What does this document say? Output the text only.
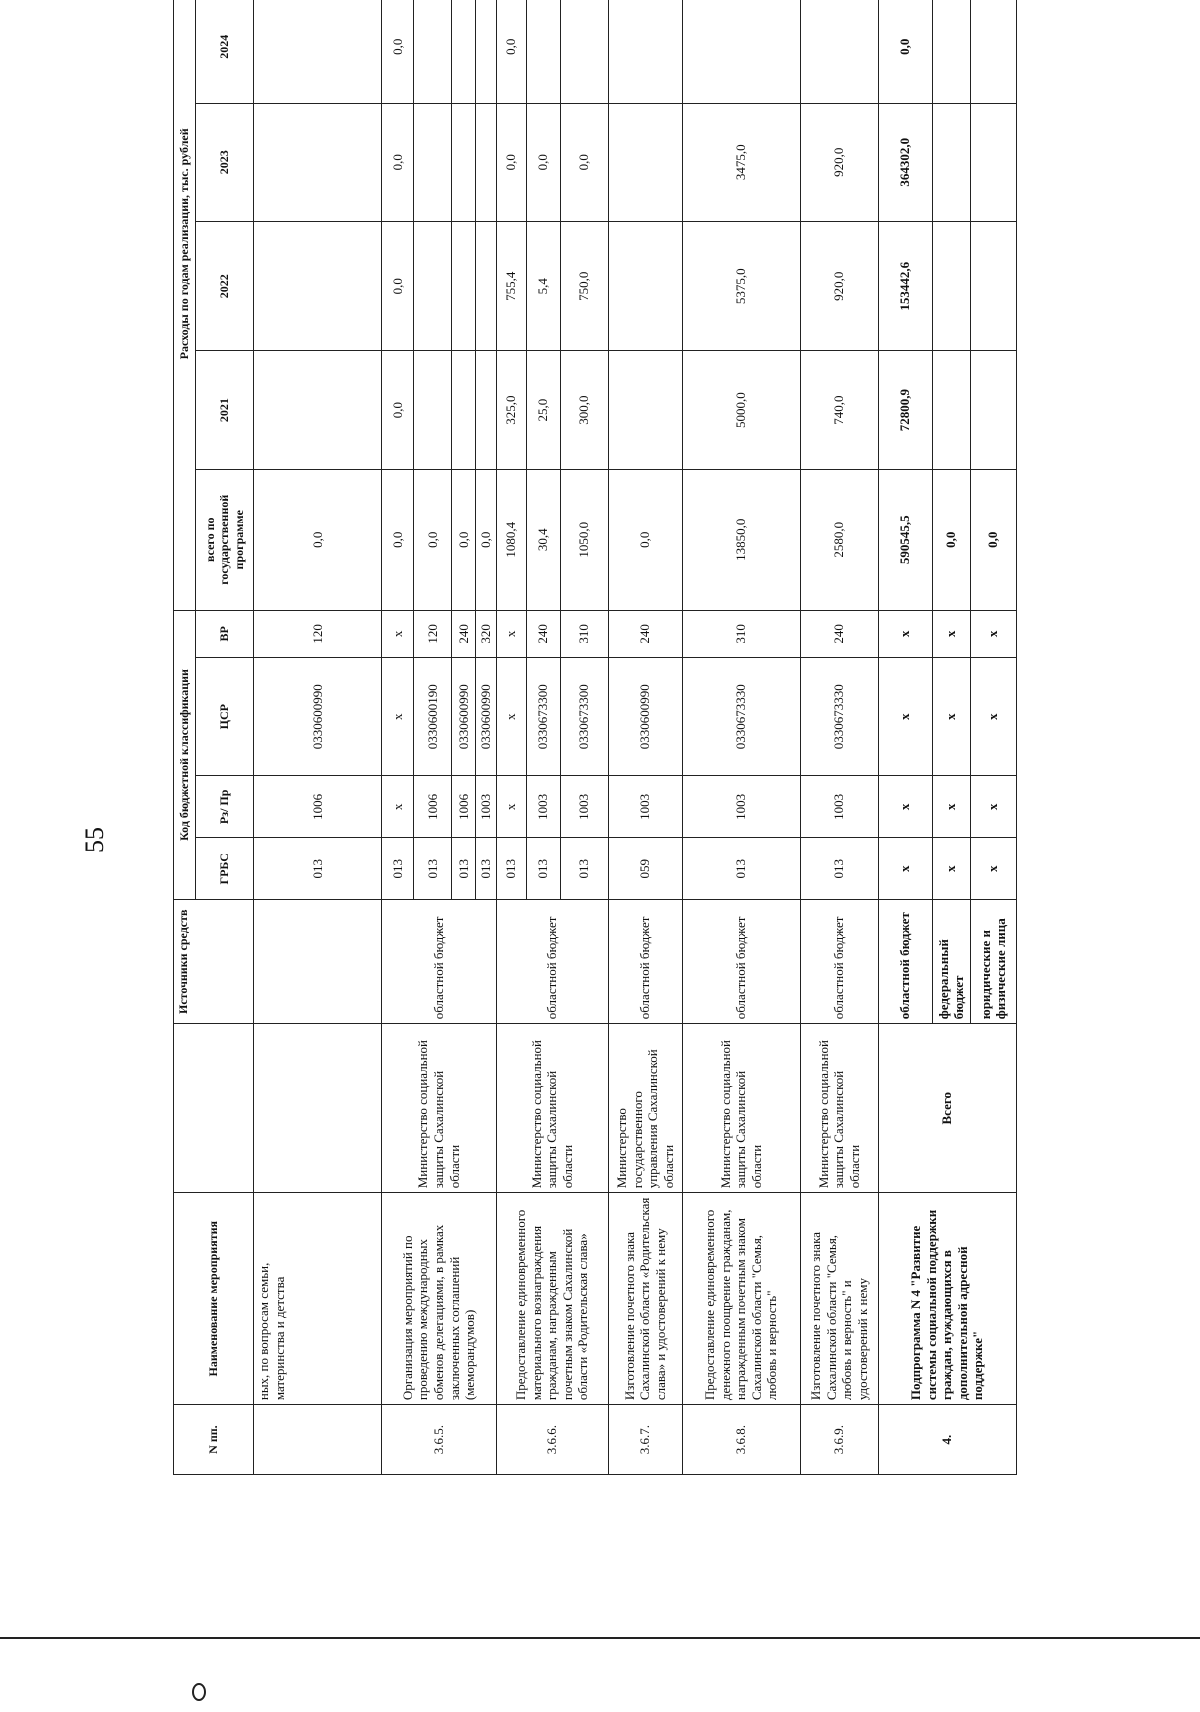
55
N пп.	Наименование мероприятия		Источники средств	Код бюджетной классификации				Расходы по годам реализации, тыс. рублей					
				ГРБС	Рз/ Пр	ЦСР	ВР	всего по государственной программе	2021	2022	2023	2024	
	ных, по вопросам семьи, материнства и детства			013	1006	0330600990	120	0,0					
3.6.5.	Организация мероприятий по проведению международных обменов делегациями, в рамках заключенных соглашений (меморандумов)	Министерство социальной защиты Сахалинской области	областной бюджет	013	х	х	х	0,0	0,0	0,0	0,0	0,0	
				013	1006	0330600190	120	0,0					
				013	1006	0330600990	240	0,0					
				013	1003	0330600990	320	0,0					
3.6.6.	Предоставление единовременного материального вознаграждения гражданам, награжденным почетным знаком Сахалинской области «Родительская слава»	Министерство социальной защиты Сахалинской области	областной бюджет	013	х	х	х	1080,4	325,0	755,4	0,0	0,0	
				013	1003	0330673300	240	30,4	25,0	5,4	0,0		
				013	1003	0330673300	310	1050,0	300,0	750,0	0,0		
3.6.7.	Изготовление почетного знака Сахалинской области «Родительская слава» и удостоверений к нему	Министерство государственного управления Сахалинской области	областной бюджет	059	1003	0330600990	240	0,0					
3.6.8.	Предоставление единовременного денежного поощрение гражданам, награжденным почетным знаком Сахалинской области "Семья, любовь и верность"	Министерство социальной защиты Сахалинской области	областной бюджет	013	1003	0330673330	310	13850,0	5000,0	5375,0	3475,0		
3.6.9.	Изготовление почетного знака Сахалинской области "Семья, любовь и верность" и удостоверений к нему	Министерство социальной защиты Сахалинской области	областной бюджет	013	1003	0330673330	240	2580,0	740,0	920,0	920,0		
4.	Подпрограмма N 4 "Развитие системы социальной поддержки граждан, нуждающихся в дополнительной адресной поддержке"	Всего	областной бюджет	х	х	х	х	590545,5	72800,9	153442,6	364302,0	0,0	
			федеральный бюджет	х	х	х	х	0,0					
			юридические и физические лица	х	х	х	х	0,0					
